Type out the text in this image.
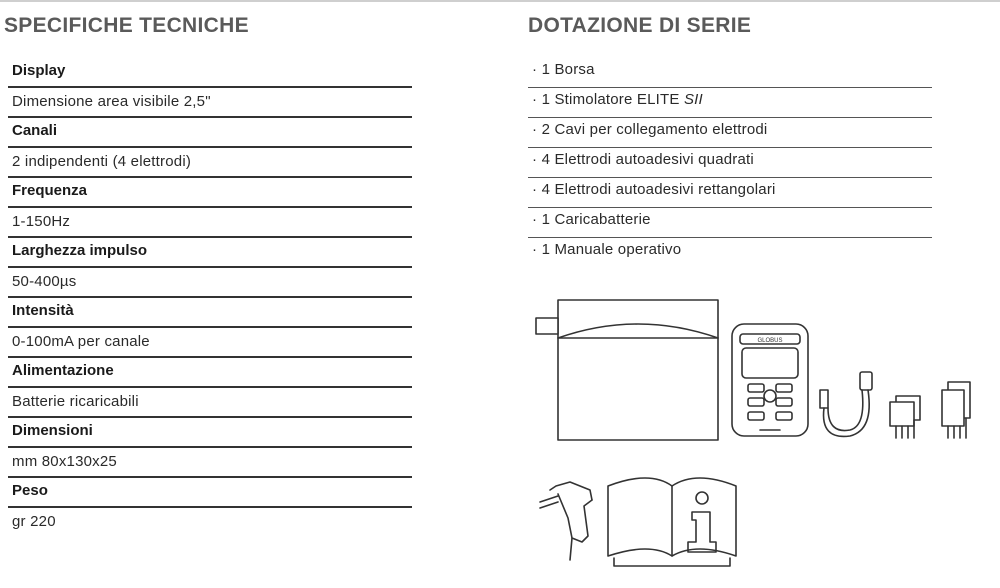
SPECIFICHE TECNICHE	DOTAZIONE DI SERIE
Display
Dimensione area visibile 2,5"
Canali
2 indipendenti (4 elettrodi)
Frequenza
1-150Hz
Larghezza impulso
50-400µs
Intensità
0-100mA per canale
Alimentazione
Batterie ricaricabili
Dimensioni
mm 80x130x25
Peso
gr 220
· 1 Borsa
· 1 Stimolatore ELITE SII
· 2 Cavi per collegamento elettrodi
· 4 Elettrodi autoadesivi quadrati
· 4 Elettrodi autoadesivi rettangolari
· 1 Caricabatterie
· 1 Manuale operativo
GLOBUS
